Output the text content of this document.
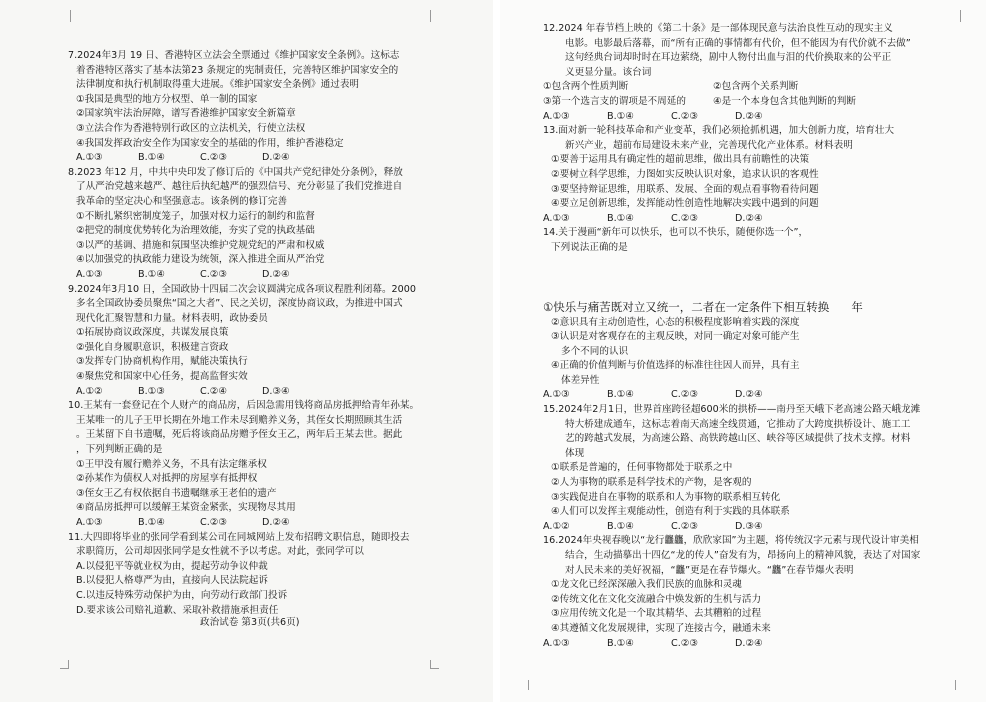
7.2024年3月 19 日、香港特区立法会全票通过《维护国家安全条例》。这标志
着香港特区落实了基本法第23 条规定的宪制责任，完善特区维护国家安全的
法律制度和执行机制取得重大进展。《维护国家安全条例》通过表明
①我国是典型的地方分权型、单一制的国家
②国家筑牢法治屏障，谱写香港维护国家安全新篇章
③立法合作为香港特别行政区的立法机关，行使立法权
④我国发挥政治安全作为国家安全的基础的作用，维护香港稳定
A.①③	B.①④	C.②③	D.②④
8.2023 年12 月，中共中央印发了修订后的《中国共产党纪律处分条例》，释放
了从严治党越来越严、越往后执纪越严的强烈信号、充分彰显了我们党推进自
我革命的坚定决心和坚强意志。该条例的修订完善
①不断扎紧织密制度笼子，加强对权力运行的制约和监督
②把党的制度优势转化为治理效能，夯实了党的执政基础
③以严的基调、措施和氛围坚决维护党规党纪的严肃和权威
④以加强党的执政能力建设为统领，深入推进全面从严治党
A.①③	B.①④	C.②③	D.②④
9.2024年3月10 日，全国政协十四届二次会议圆满完成各项议程胜利闭幕。2000
多名全国政协委员聚焦“国之大者”、民之关切，深度协商议政，为推进中国式
现代化汇聚智慧和力量。材料表明，政协委员
①拓展协商议政深度，共谋发展良策
②强化自身履职意识，积极建言资政
③发挥专门协商机构作用，赋能决策执行
④聚焦党和国家中心任务，提高监督实效
A.①②	B.①③	C.②④	D.③④
10.王某有一套登记在个人财产的商品房，后因急需用钱将商品房抵押给青年孙某。
王某唯一的儿子王甲长期在外地工作未尽到赡养义务，其侄女长期照顾其生活
。王某留下自书遗嘱，死后将该商品房赠予侄女王乙，两年后王某去世。据此
，下列判断正确的是
①王甲没有履行赡养义务，不具有法定继承权
②孙某作为债权人对抵押的房屋享有抵押权
③侄女王乙有权依据自书遗嘱继承王老伯的遗产
④商品房抵押可以缓解王某资金紧张，实现物尽其用
A.①③	B.①④	C.②③	D.②④
11.大四即将毕业的张同学看到某公司在同城网站上发布招聘文职信息，随即投去
求职简历，公司却因张同学是女性就不予以考虑。对此，张同学可以
A.以侵犯平等就业权为由，提起劳动争议仲裁
B.以侵犯人格尊严为由，直接向人民法院起诉
C.以违反特殊劳动保护为由，向劳动行政部门投诉
D.要求该公司赔礼道歉、采取补救措施承担责任
政治试卷 第3页(共6页)
12.2024 年春节档上映的《第二十条》是一部体现民意与法治良性互动的现实主义
电影。电影最后落幕，而“所有正确的事情都有代价，但不能因为有代价就不去做”
这句经典台词却时时在耳边萦绕，剧中人物付出血与泪的代价换取来的公平正
义更显分量。该台词
①包含两个性质判断	②包含两个关系判断
③第一个选言支的谓项是不周延的	④是一个本身包含其他判断的判断
A.①③	B.①④	C.②③	D.②④
13.面对新一轮科技革命和产业变革，我们必须抢抓机遇，加大创新力度，培育壮大
新兴产业，超前布局建设未来产业，完善现代化产业体系。材料表明
①要善于运用具有确定性的超前思维，做出具有前瞻性的决策
②要树立科学思维，力图如实反映认识对象，追求认识的客观性
③要坚持辩证思维，用联系、发展、全面的观点看事物看待问题
④要立足创新思维，发挥能动性创造性地解决实践中遇到的问题
A.①③	B.①④	C.②③	D.②④
14.关于漫画“新年可以快乐，也可以不快乐，随便你选一个”，
下列说法正确的是
①快乐与痛苦既对立又统一，二者在一定条件下相互转换 年
②意识具有主动创造性，心态的积极程度影响着实践的深度
③认识是对客观存在的主观反映，对同一确定对象可能产生
多个不同的认识
④正确的价值判断与价值选择的标准往往因人而异，具有主
体差异性
A.①③	B.①④	C.②③	D.②④
15.2024年2月1日，世界首座跨径超600米的拱桥——南丹至天峨下老高速公路天峨龙滩
特大桥建成通车，这标志着南天高速全线贯通，它推动了大跨度拱桥设计、施工工
艺的跨越式发展，为高速公路、高铁跨越山区、峡谷等区域提供了技术支撑。材料
体现
①联系是普遍的，任何事物都处于联系之中
②人为事物的联系是科学技术的产物，是客观的
③实践促进自在事物的联系和人为事物的联系相互转化
④人们可以发挥主观能动性，创造有利于实践的具体联系
A.①②	B.①④	C.②③	D.③④
16.2024年央视春晚以“龙行龘龘，欣欣家国”为主题，将传统汉字元素与现代设计审美相
结合，生动描摹出十四亿“龙的传人”奋发有为，昂扬向上的精神风貌，表达了对国家
对人民未来的美好祝福，“龘”更是在春节爆火。“龘”在春节爆火表明
①龙文化已经深深融入我们民族的血脉和灵魂
②传统文化在文化交流融合中焕发新的生机与活力
③应用传统文化是一个取其精华、去其糟粕的过程
④其遵循文化发展规律，实现了连接古今，融通未来
A.①③	B.①④	C.②③	D.②④
